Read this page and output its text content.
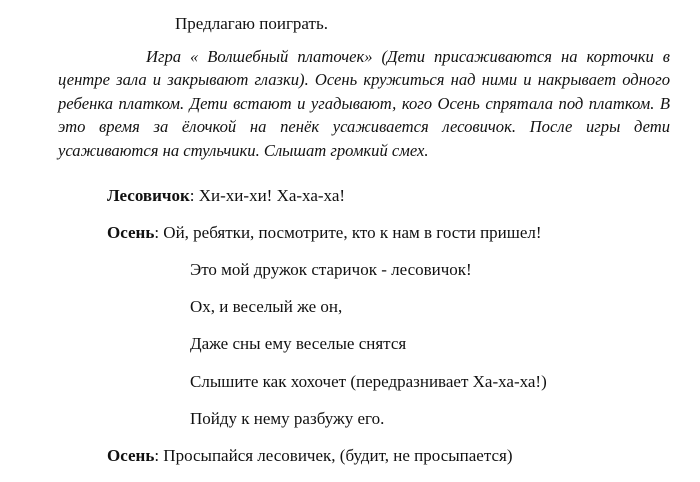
Предлагаю поиграть.
Игра « Волшебный платочек» (Дети присаживаются на корточки в центре зала и закрывают глазки). Осень кружиться над ними и накрывает одного ребенка платком. Дети встают и угадывают, кого Осень спрятала под платком. В это время за ёлочкой на пенёк усаживается лесовичок. После игры дети усаживаются на стульчики. Слышат громкий смех.
Лесовичок: Хи-хи-хи! Ха-ха-ха!
Осень: Ой, ребятки, посмотрите, кто к нам в гости пришел!
Это мой дружок старичок - лесовичок!
Ох, и веселый же он,
Даже сны ему веселые снятся
Слышите как хохочет (передразнивает Ха-ха-ха!)
Пойду к нему разбужу его.
Осень: Просыпайся лесовичек, (будит, не просыпается)
